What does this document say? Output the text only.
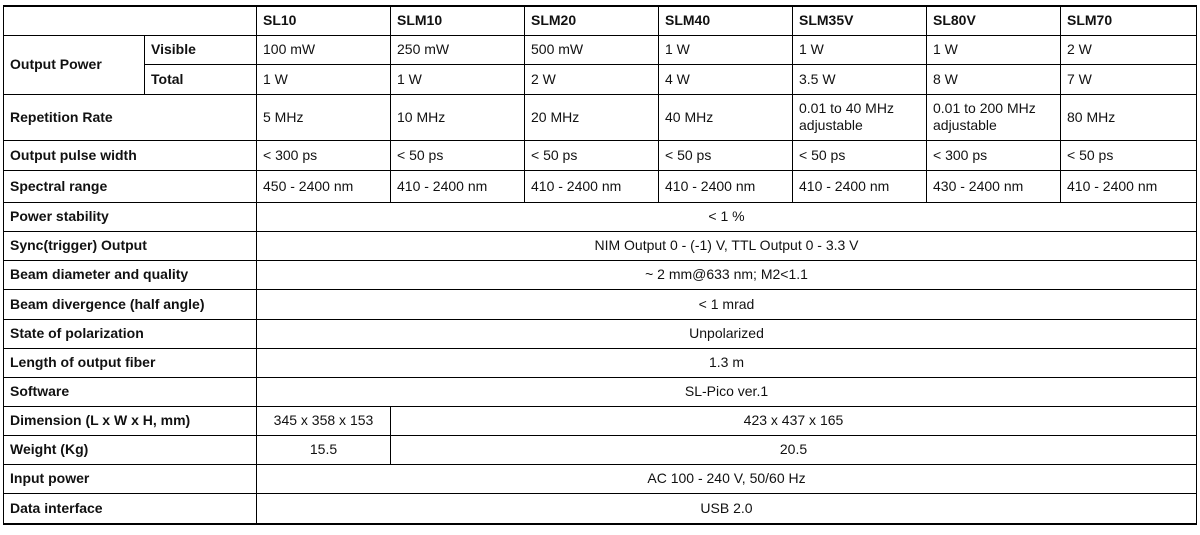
		SL10	SLM10	SLM20	SLM40	SLM35V	SL80V	SLM70
Output Power	Visible	100 mW	250 mW	500 mW	1 W	1 W	1 W	2 W
	Total	1 W	1 W	2 W	4 W	3.5 W	8 W	7 W
Repetition Rate		5 MHz	10 MHz	20 MHz	40 MHz	0.01 to 40 MHz adjustable	0.01 to 200 MHz adjustable	80 MHz
Output pulse width		< 300 ps	< 50 ps	< 50 ps	< 50 ps	< 50 ps	< 300 ps	< 50 ps
Spectral range		450 - 2400 nm	410 - 2400 nm	410 - 2400 nm	410 - 2400 nm	410 - 2400 nm	430 - 2400 nm	410 - 2400 nm
Power stability		< 1 %						
Sync(trigger) Output		NIM Output 0 - (-1) V, TTL Output 0 - 3.3 V						
Beam diameter and quality		~ 2 mm@633 nm; M2<1.1						
Beam divergence (half angle)		< 1 mrad						
State of polarization		Unpolarized						
Length of output fiber		1.3 m						
Software		SL-Pico ver.1						
Dimension (L x W x H, mm)		345 x 358 x 153	423 x 437 x 165					
Weight (Kg)		15.5	20.5					
Input power		AC 100 - 240 V, 50/60 Hz						
Data interface		USB 2.0						
